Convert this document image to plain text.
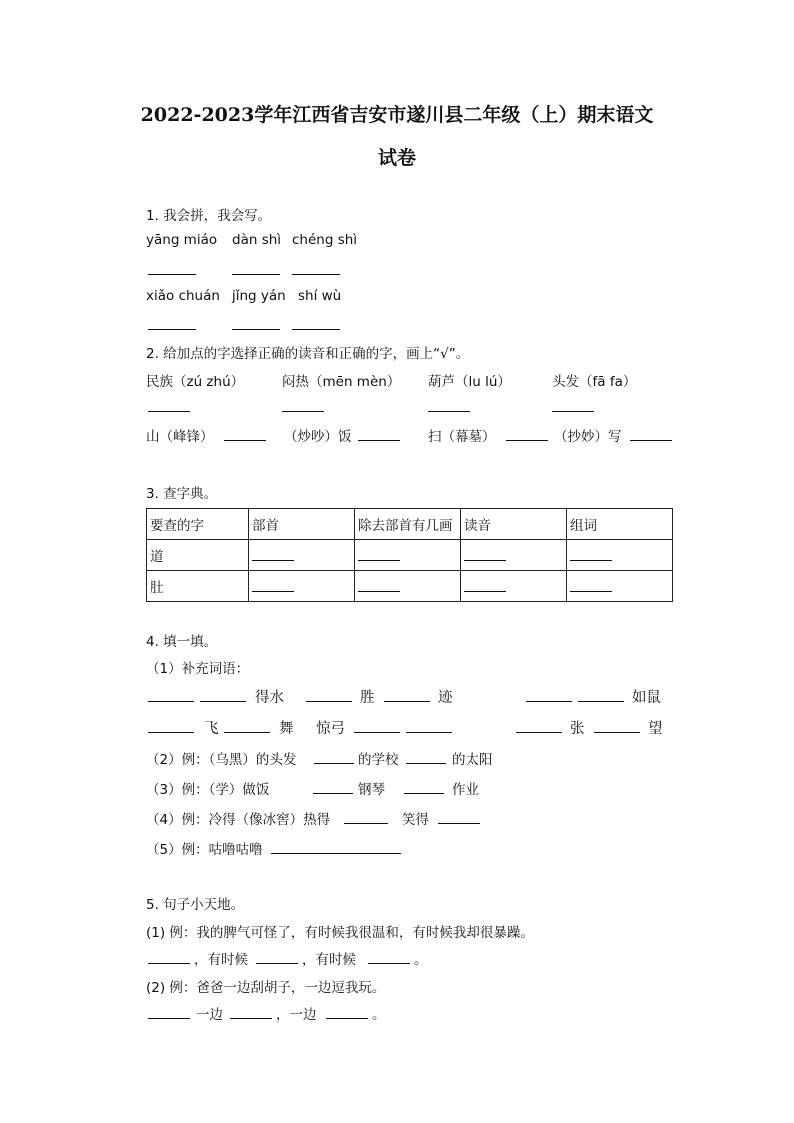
2022-2023学年江西省吉安市遂川县二年级（上）期末语文
试卷
1. 我会拼，我会写。
yāng miáo dàn shì chéng shì
xiǎo chuán jǐng yán shí wù
2. 给加点的字选择正确的读音和正确的字，画上“√”。
民族（zú zhú）	闷热（mēn mèn） 葫芦（lu lú）	头发（fā fa）
山（峰锋）	（炒吵）饭	扫（幕墓）	（抄妙）写
3. 查字典。
要查的字	部首	除去部首有几画	读音	组词
道				
肚				
4. 填一填。
（1）补充词语：
得水	胜	迹	如鼠
飞	舞 惊弓	张	望
（2）例：（乌黑）的头发	的学校	的太阳
（3）例：（学）做饭	钢琴	作业
（4）例：冷得（像冰窖）热得	笑得
（5）例：咕噜咕噜
5. 句子小天地。
(1) 例：我的脾气可怪了，有时候我很温和，有时候我却很暴躁。
，有时候	，有时候	。
(2) 例：爸爸一边刮胡子，一边逗我玩。
一边	，一边	。
